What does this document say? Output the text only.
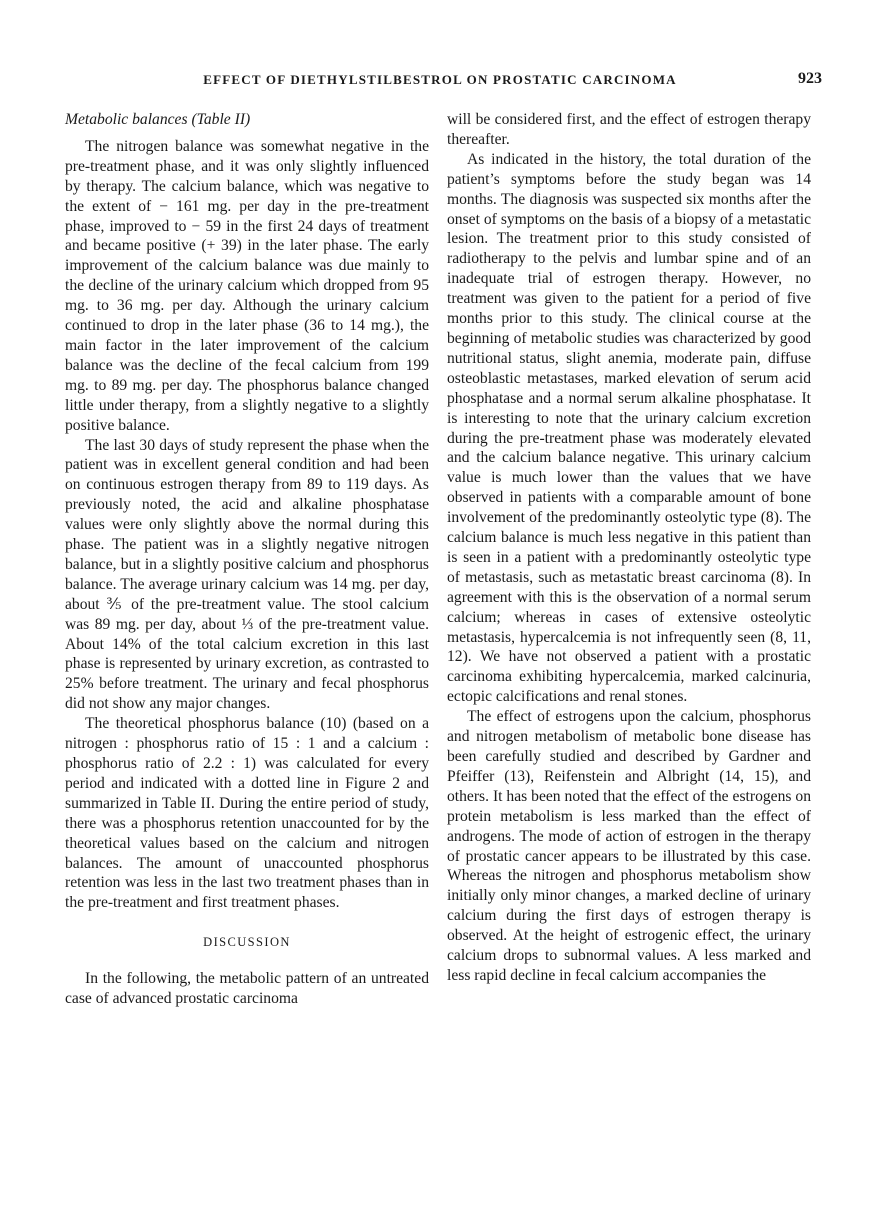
EFFECT OF DIETHYLSTILBESTROL ON PROSTATIC CARCINOMA	923
Metabolic balances (Table II)

The nitrogen balance was somewhat negative in the pre-treatment phase, and it was only slightly influenced by therapy. The calcium balance, which was negative to the extent of − 161 mg. per day in the pre-treatment phase, improved to − 59 in the first 24 days of treatment and became positive (+ 39) in the later phase. The early improvement of the calcium balance was due mainly to the decline of the urinary calcium which dropped from 95 mg. to 36 mg. per day. Although the urinary calcium continued to drop in the later phase (36 to 14 mg.), the main factor in the later improvement of the calcium balance was the decline of the fecal calcium from 199 mg. to 89 mg. per day. The phosphorus balance changed little under therapy, from a slightly negative to a slightly positive balance.

The last 30 days of study represent the phase when the patient was in excellent general condition and had been on continuous estrogen therapy from 89 to 119 days. As previously noted, the acid and alkaline phosphatase values were only slightly above the normal during this phase. The patient was in a slightly negative nitrogen balance, but in a slightly positive calcium and phosphorus balance. The average urinary calcium was 14 mg. per day, about ⅗ of the pre-treatment value. The stool calcium was 89 mg. per day, about ⅓ of the pre-treatment value. About 14% of the total calcium excretion in this last phase is represented by urinary excretion, as contrasted to 25% before treatment. The urinary and fecal phosphorus did not show any major changes.

The theoretical phosphorus balance (10) (based on a nitrogen : phosphorus ratio of 15 : 1 and a calcium : phosphorus ratio of 2.2 : 1) was calculated for every period and indicated with a dotted line in Figure 2 and summarized in Table II. During the entire period of study, there was a phosphorus retention unaccounted for by the theoretical values based on the calcium and nitrogen balances. The amount of unaccounted phosphorus retention was less in the last two treatment phases than in the pre-treatment and first treatment phases.

DISCUSSION

In the following, the metabolic pattern of an untreated case of advanced prostatic carcinoma

will be considered first, and the effect of estrogen therapy thereafter.

As indicated in the history, the total duration of the patient’s symptoms before the study began was 14 months. The diagnosis was suspected six months after the onset of symptoms on the basis of a biopsy of a metastatic lesion. The treatment prior to this study consisted of radiotherapy to the pelvis and lumbar spine and of an inadequate trial of estrogen therapy. However, no treatment was given to the patient for a period of five months prior to this study. The clinical course at the beginning of metabolic studies was characterized by good nutritional status, slight anemia, moderate pain, diffuse osteoblastic metastases, marked elevation of serum acid phosphatase and a normal serum alkaline phosphatase. It is interesting to note that the urinary calcium excretion during the pre-treatment phase was moderately elevated and the calcium balance negative. This urinary calcium value is much lower than the values that we have observed in patients with a comparable amount of bone involvement of the predominantly osteolytic type (8). The calcium balance is much less negative in this patient than is seen in a patient with a predominantly osteolytic type of metastasis, such as metastatic breast carcinoma (8). In agreement with this is the observation of a normal serum calcium; whereas in cases of extensive osteolytic metastasis, hypercalcemia is not infrequently seen (8, 11, 12). We have not observed a patient with a prostatic carcinoma exhibiting hypercalcemia, marked calcinuria, ectopic calcifications and renal stones.

The effect of estrogens upon the calcium, phosphorus and nitrogen metabolism of metabolic bone disease has been carefully studied and described by Gardner and Pfeiffer (13), Reifenstein and Albright (14, 15), and others. It has been noted that the effect of the estrogens on protein metabolism is less marked than the effect of androgens. The mode of action of estrogen in the therapy of prostatic cancer appears to be illustrated by this case. Whereas the nitrogen and phosphorus metabolism show initially only minor changes, a marked decline of urinary calcium during the first days of estrogen therapy is observed. At the height of estrogenic effect, the urinary calcium drops to subnormal values. A less marked and less rapid decline in fecal calcium accompanies the
